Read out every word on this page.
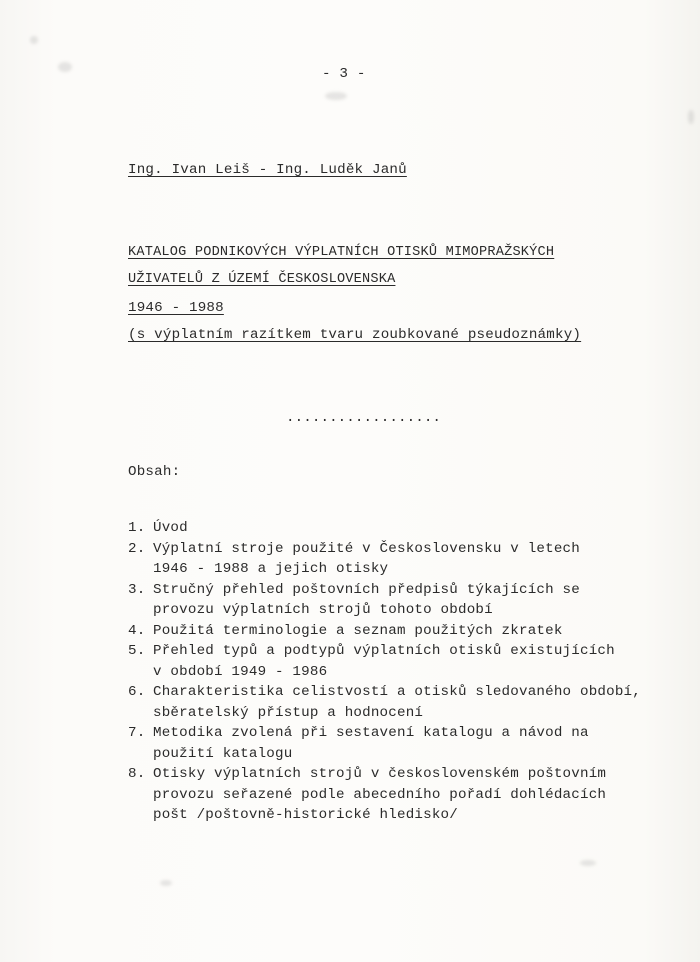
- 3 -
Ing. Ivan Leiš - Ing. Luděk Janů
KATALOG PODNIKOVÝCH VÝPLATNÍCH OTISKŮ MIMOPRAŽSKÝCH
UŽIVATELŮ Z ÚZEMÍ ČESKOSLOVENSKA
1946 - 1988
(s výplatním razítkem tvaru zoubkované pseudoznámky)
..................
Obsah:
1. Úvod
2. Výplatní stroje použité v Československu v letech
1946 - 1988 a jejich otisky
3. Stručný přehled poštovních předpisů týkajících se
provozu výplatních strojů tohoto období
4. Použitá terminologie a seznam použitých zkratek
5. Přehled typů a podtypů výplatních otisků existujících
v období 1949 - 1986
6. Charakteristika celistvostí a otisků sledovaného období,
sběratelský přístup a hodnocení
7. Metodika zvolená při sestavení katalogu a návod na
použití katalogu
8. Otisky výplatních strojů v československém poštovním
provozu seřazené podle abecedního pořadí dohlédacích
pošt /poštovně-historické hledisko/
